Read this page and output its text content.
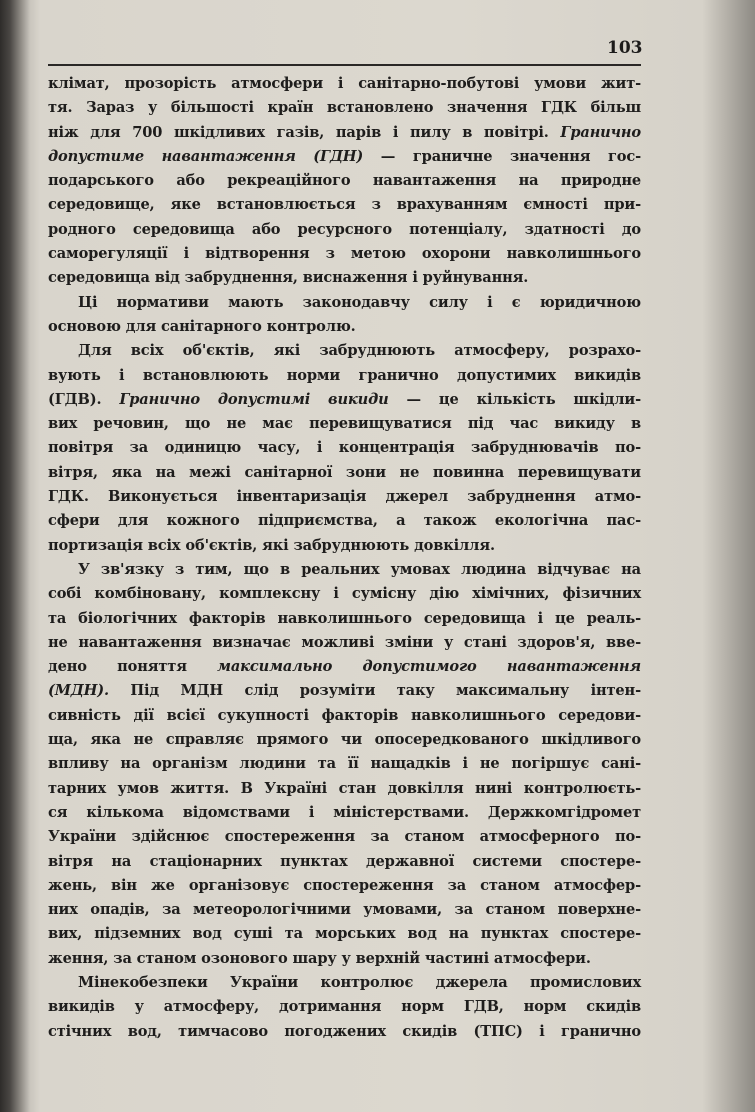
103
клімат, прозорість атмосфери і санітарно-побутові умови жит-
тя. Зараз у більшості країн встановлено значення ГДК більш
ніж для 700 шкідливих газів, парів і пилу в повітрі. Гранично
допустиме навантаження (ГДН) — граничне значення гос-
подарського або рекреаційного навантаження на природне
середовище, яке встановлюється з врахуванням ємності при-
родного середовища або ресурсного потенціалу, здатності до
саморегуляції і відтворення з метою охорони навколишнього
середовища від забруднення, виснаження і руйнування.
Ці нормативи мають законодавчу силу і є юридичною
основою для санітарного контролю.
Для всіх об'єктів, які забруднюють атмосферу, розрахо-
вують і встановлюють норми гранично допустимих викидів
(ГДВ). Гранично допустимі викиди — це кількість шкідли-
вих речовин, що не має перевищуватися під час викиду в
повітря за одиницю часу, і концентрація забруднювачів по-
вітря, яка на межі санітарної зони не повинна перевищувати
ГДК. Виконується інвентаризація джерел забруднення атмо-
сфери для кожного підприємства, а також екологічна пас-
портизація всіх об'єктів, які забруднюють довкілля.
У зв'язку з тим, що в реальних умовах людина відчуває на
собі комбіновану, комплексну і сумісну дію хімічних, фізичних
та біологічних факторів навколишнього середовища і це реаль-
не навантаження визначає можливі зміни у стані здоров'я, вве-
дено поняття максимально допустимого навантаження
(МДН). Під МДН слід розуміти таку максимальну інтен-
сивність дії всієї сукупності факторів навколишнього середови-
ща, яка не справляє прямого чи опосередкованого шкідливого
впливу на організм людини та її нащадків і не погіршує сані-
тарних умов життя. В Україні стан довкілля нині контролюєть-
ся кількома відомствами і міністерствами. Держкомгідромет
України здійснює спостереження за станом атмосферного по-
вітря на стаціонарних пунктах державної системи спостере-
жень, він же організовує спостереження за станом атмосфер-
них опадів, за метеорологічними умовами, за станом поверхне-
вих, підземних вод суші та морських вод на пунктах спостере-
ження, за станом озонового шару у верхній частині атмосфери.
Мінекобезпеки України контролює джерела промислових
викидів у атмосферу, дотримання норм ГДВ, норм скидів
стічних вод, тимчасово погоджених скидів (ТПС) і гранично
